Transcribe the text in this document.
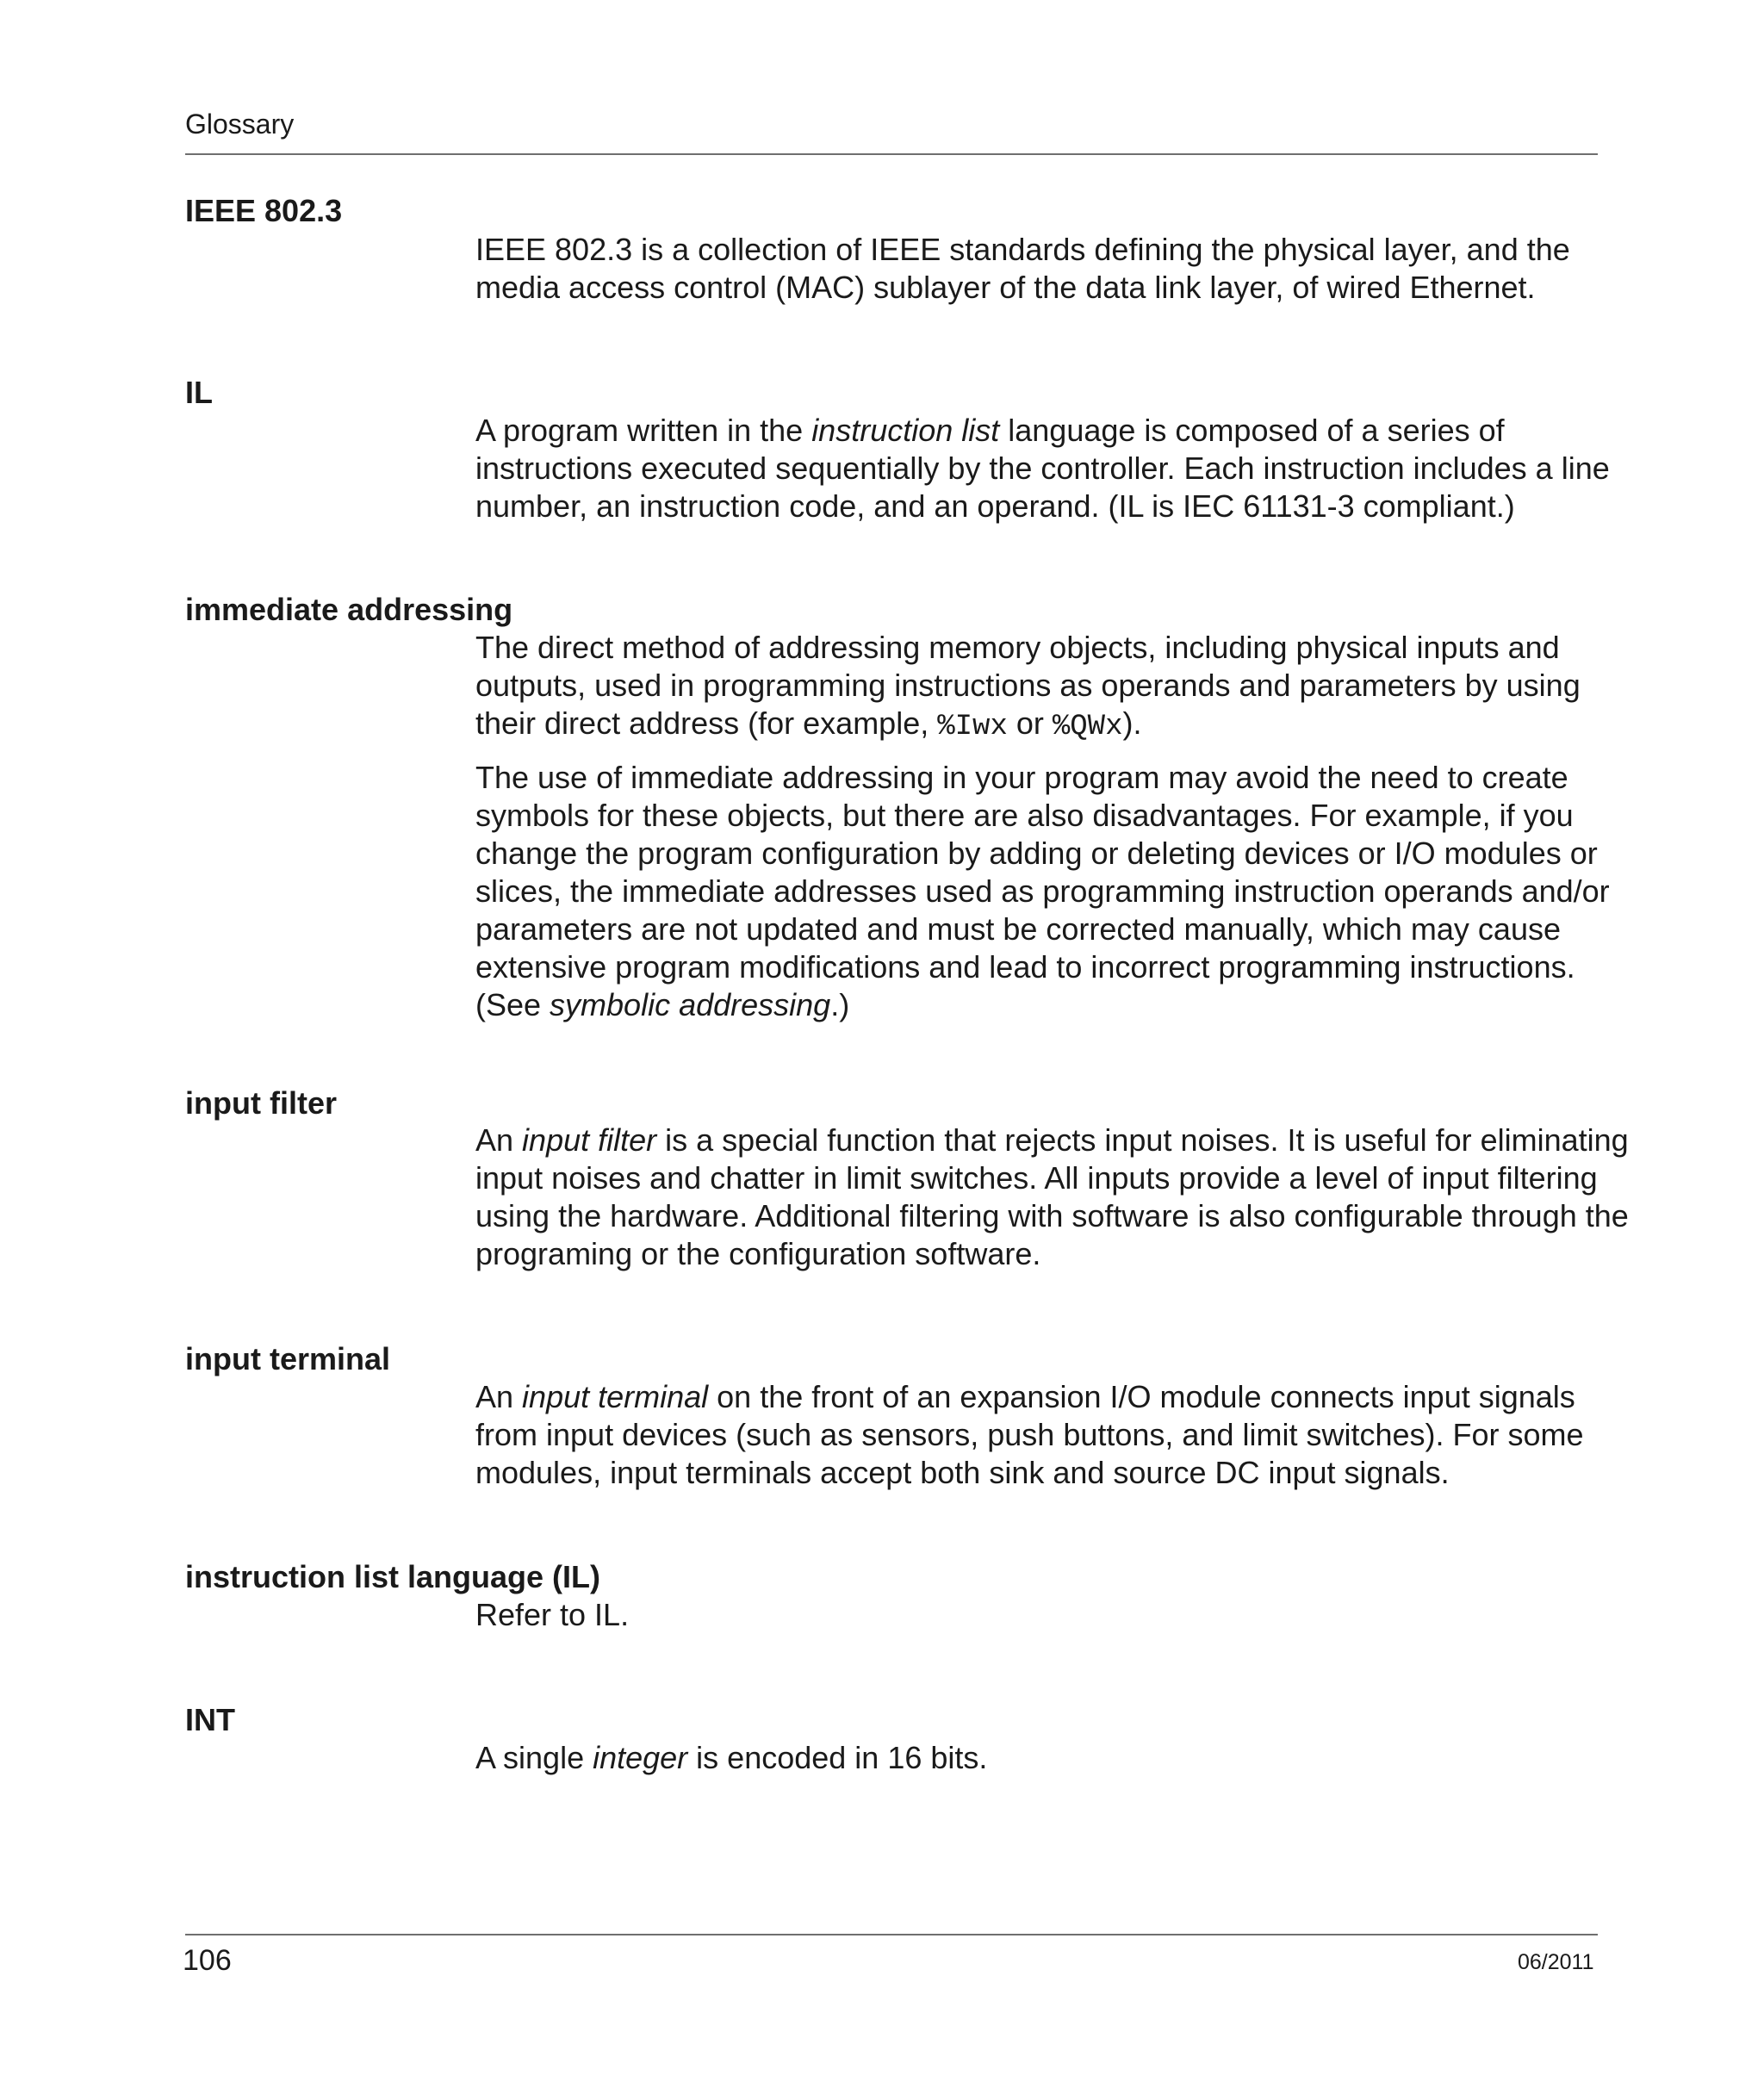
Glossary
IEEE 802.3

IEEE 802.3 is a collection of IEEE standards defining the physical layer, and the

media access control (MAC) sublayer of the data link layer, of wired Ethernet.

IL

A program written in the instruction list language is composed of a series of

instructions executed sequentially by the controller. Each instruction includes a line

number, an instruction code, and an operand. (IL is IEC 61131-3 compliant.)

immediate addressing

The direct method of addressing memory objects, including physical inputs and

outputs, used in programming instructions as operands and parameters by using

their direct address (for example, %Iwx or %QWx).

The use of immediate addressing in your program may avoid the need to create

symbols for these objects, but there are also disadvantages. For example, if you

change the program configuration by adding or deleting devices or I/O modules or

slices, the immediate addresses used as programming instruction operands and/or

parameters are not updated and must be corrected manually, which may cause

extensive program modifications and lead to incorrect programming instructions.

(See symbolic addressing.)

input filter

An input filter is a special function that rejects input noises. It is useful for eliminating

input noises and chatter in limit switches. All inputs provide a level of input filtering

using the hardware. Additional filtering with software is also configurable through the

programing or the configuration software.

input terminal

An input terminal on the front of an expansion I/O module connects input signals

from input devices (such as sensors, push buttons, and limit switches). For some

modules, input terminals accept both sink and source DC input signals.

instruction list language (IL)

Refer to IL.

INT

A single integer is encoded in 16 bits.

106	06/2011
